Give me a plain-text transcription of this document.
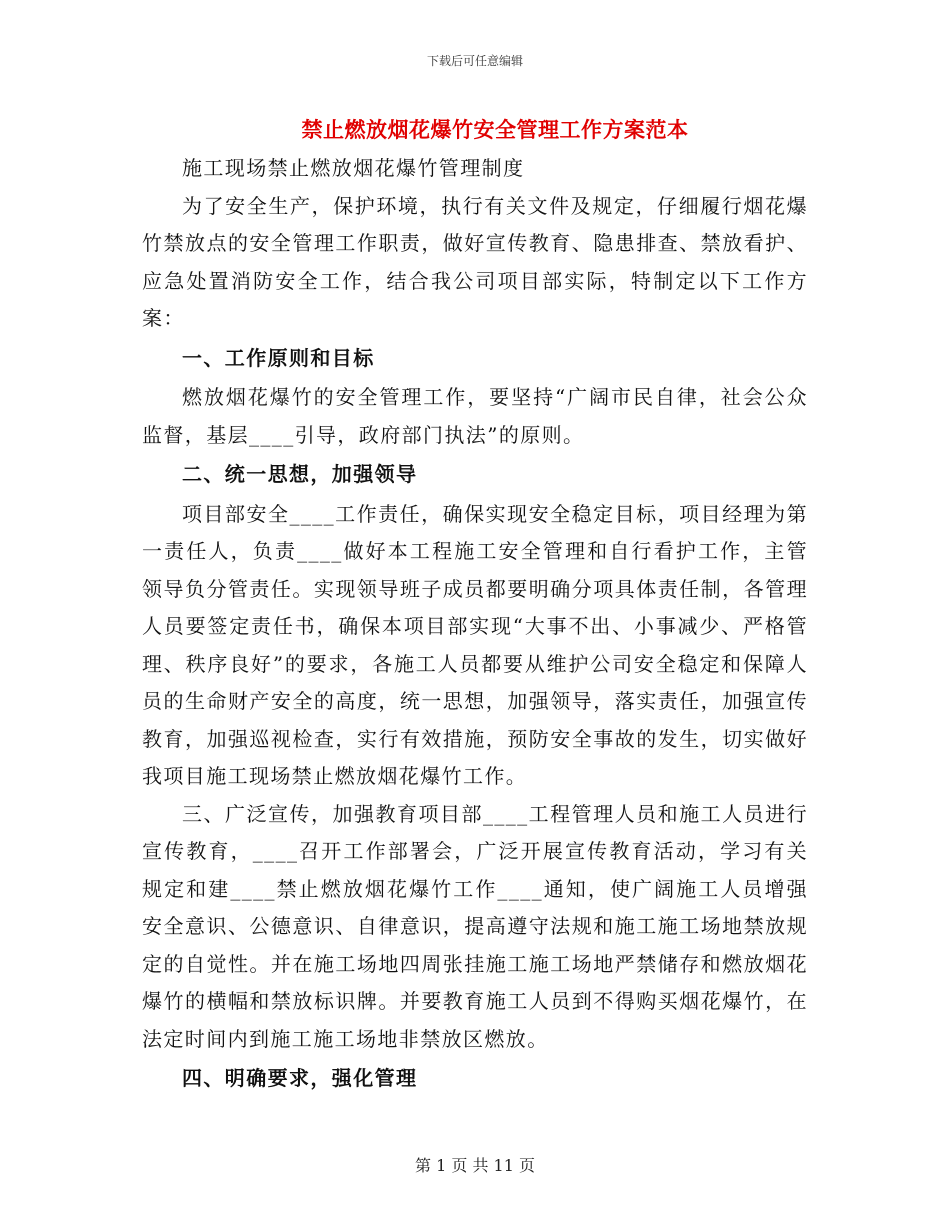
下载后可任意编辑
禁止燃放烟花爆竹安全管理工作方案范本

施工现场禁止燃放烟花爆竹管理制度

为了安全生产，保护环境，执行有关文件及规定，仔细履行烟花爆竹禁放点的安全管理工作职责，做好宣传教育、隐患排查、禁放看护、应急处置消防安全工作，结合我公司项目部实际，特制定以下工作方案：

一、工作原则和目标

燃放烟花爆竹的安全管理工作，要坚持“广阔市民自律，社会公众监督，基层____引导，政府部门执法”的原则。

二、统一思想，加强领导

项目部安全____工作责任，确保实现安全稳定目标，项目经理为第一责任人，负责____做好本工程施工安全管理和自行看护工作，主管领导负分管责任。实现领导班子成员都要明确分项具体责任制，各管理人员要签定责任书，确保本项目部实现“大事不出、小事减少、严格管理、秩序良好”的要求，各施工人员都要从维护公司安全稳定和保障人员的生命财产安全的高度，统一思想，加强领导，落实责任，加强宣传教育，加强巡视检查，实行有效措施，预防安全事故的发生，切实做好我项目施工现场禁止燃放烟花爆竹工作。

三、广泛宣传，加强教育项目部____工程管理人员和施工人员进行宣传教育，____召开工作部署会，广泛开展宣传教育活动，学习有关规定和建____禁止燃放烟花爆竹工作____通知，使广阔施工人员增强安全意识、公德意识、自律意识，提高遵守法规和施工施工场地禁放规定的自觉性。并在施工场地四周张挂施工施工场地严禁储存和燃放烟花爆竹的横幅和禁放标识牌。并要教育施工人员到不得购买烟花爆竹，在法定时间内到施工施工场地非禁放区燃放。

四、明确要求，强化管理

第 1 页 共 11 页
